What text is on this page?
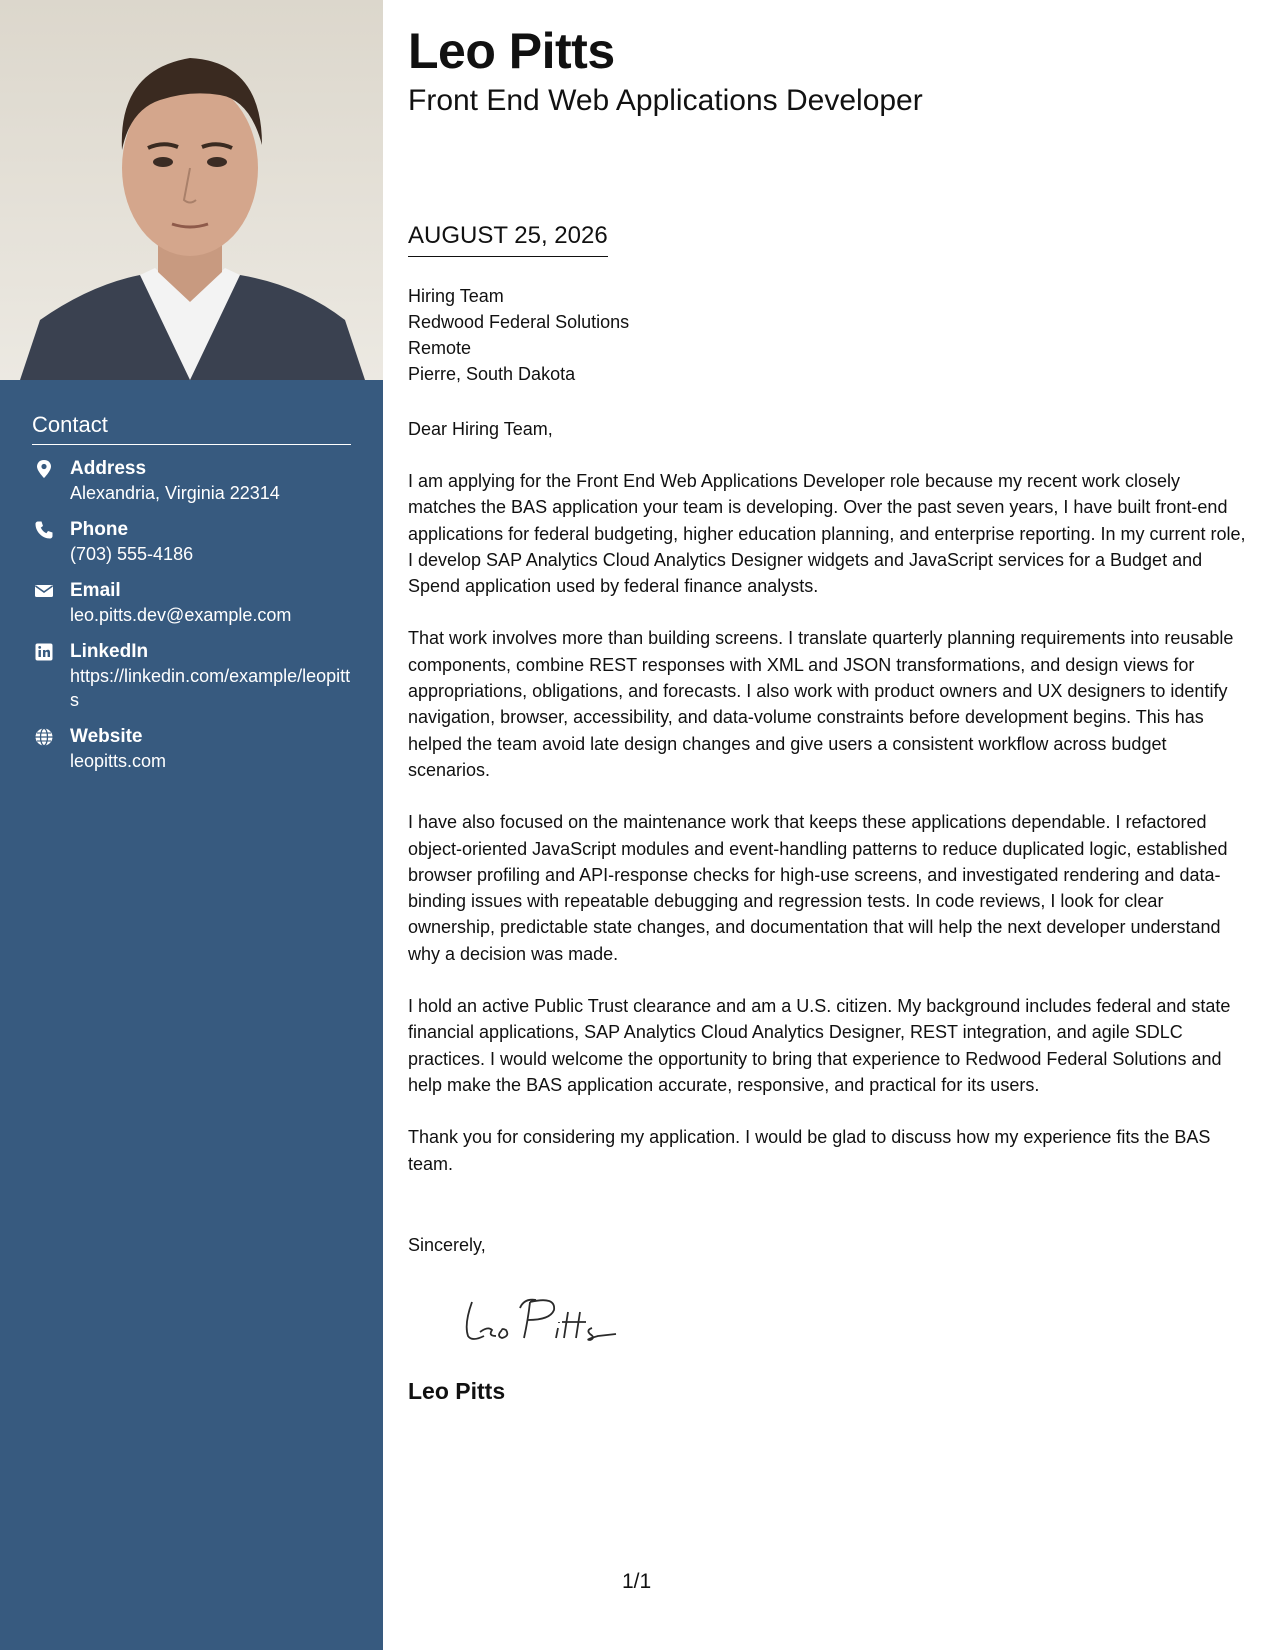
Contact
Address
Alexandria, Virginia 22314
Phone
(703) 555-4186
Email
leo.pitts.dev@example.com
LinkedIn
https://linkedin.com/example/leopitts
Website
leopitts.com
Leo Pitts
Front End Web Applications Developer
AUGUST 25, 2026
Hiring Team
Redwood Federal Solutions
Remote
Pierre, South Dakota
Dear Hiring Team,

I am applying for the Front End Web Applications Developer role because my recent work closely matches the BAS application your team is developing. Over the past seven years, I have built front-end applications for federal budgeting, higher education planning, and enterprise reporting. In my current role, I develop SAP Analytics Cloud Analytics Designer widgets and JavaScript services for a Budget and Spend application used by federal finance analysts.

That work involves more than building screens. I translate quarterly planning requirements into reusable components, combine REST responses with XML and JSON transformations, and design views for appropriations, obligations, and forecasts. I also work with product owners and UX designers to identify navigation, browser, accessibility, and data-volume constraints before development begins. This has helped the team avoid late design changes and give users a consistent workflow across budget scenarios.

I have also focused on the maintenance work that keeps these applications dependable. I refactored object-oriented JavaScript modules and event-handling patterns to reduce duplicated logic, established browser profiling and API-response checks for high-use screens, and investigated rendering and data-binding issues with repeatable debugging and regression tests. In code reviews, I look for clear ownership, predictable state changes, and documentation that will help the next developer understand why a decision was made.

I hold an active Public Trust clearance and am a U.S. citizen. My background includes federal and state financial applications, SAP Analytics Cloud Analytics Designer, REST integration, and agile SDLC practices. I would welcome the opportunity to bring that experience to Redwood Federal Solutions and help make the BAS application accurate, responsive, and practical for its users.

Thank you for considering my application. I would be glad to discuss how my experience fits the BAS team.

Sincerely,
Leo Pitts
1/1
